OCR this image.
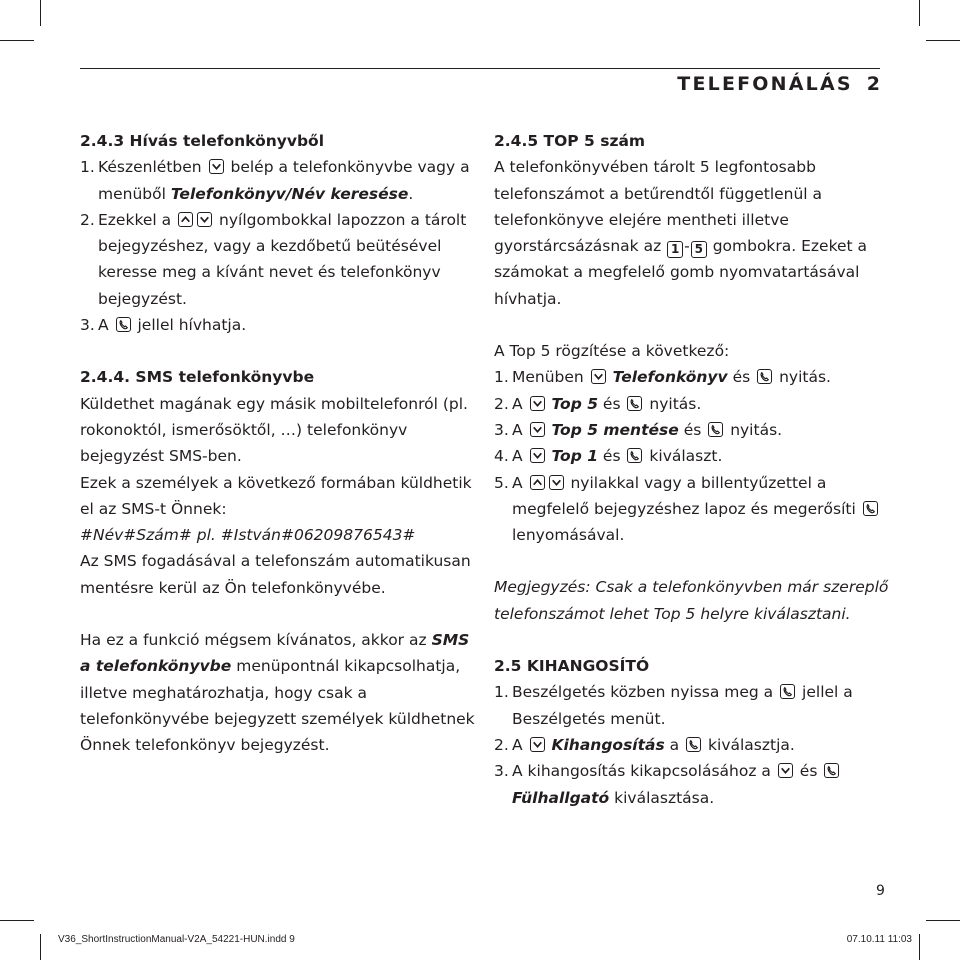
TELEFONÁLÁS 2

2.4.3 Hívás telefonkönyvből

1. Készenlétben belép a telefonkönyvbe vagy a menüből Telefonkönyv/Név keresése.

2. Ezekkel a	nyílgombokkal lapozzon a tárolt bejegyzéshez, vagy a kezdőbetű beütésével keresse meg a kívánt nevet és telefonkönyv bejegyzést.

3. A jellel hívhatja.

2.4.4. SMS telefonkönyvbe

Küldethet magának egy másik mobiltelefonról (pl. rokonoktól, ismerősöktől, …) telefonkönyv bejegyzést SMS-ben.

Ezek a személyek a következő formában küldhetik el az SMS-t Önnek:

#Név#Szám# pl. #István#06209876543#

Az SMS fogadásával a telefonszám automatikusan mentésre kerül az Ön telefonkönyvébe.

Ha ez a funkció mégsem kívánatos, akkor az SMS a telefonkönyvbe menüpontnál kikapcsolhatja, illetve meghatározhatja, hogy csak a telefonkönyvébe bejegyzett személyek küldhetnek Önnek telefonkönyv bejegyzést.

2.4.5 TOP 5 szám

A telefonkönyvében tárolt 5 legfontosabb telefonszámot a betűrendtől függetlenül a telefonkönyve elejére mentheti illetve gyorstárcsázásnak az 1 - 5 gombokra. Ezeket a számokat a megfelelő gomb nyomvatartásával hívhatja.

A Top 5 rögzítése a következő:

1. Menüben Telefonkönyv és nyitás.

2. A Top 5 és nyitás.

3. A Top 5 mentése és nyitás.

4. A Top 1 és kiválaszt.

5. A	nyilakkal vagy a billentyűzettel a megfelelő bejegyzéshez lapoz és megerősíti
lenyomásával.

Megjegyzés: Csak a telefonkönyvben már szereplő telefonszámot lehet Top 5 helyre kiválasztani.

2.5 KIHANGOSÍTÓ

1. Beszélgetés közben nyissa meg a jellel a Beszélgetés menüt.

2. A Kihangosítás a kiválasztja.

3. A kihangosítás kikapcsolásához a és
Fülhallgató kiválasztása.

9
V36_ShortInstructionManual-V2A_54221-HUN.indd 9	07.10.11 11:03
